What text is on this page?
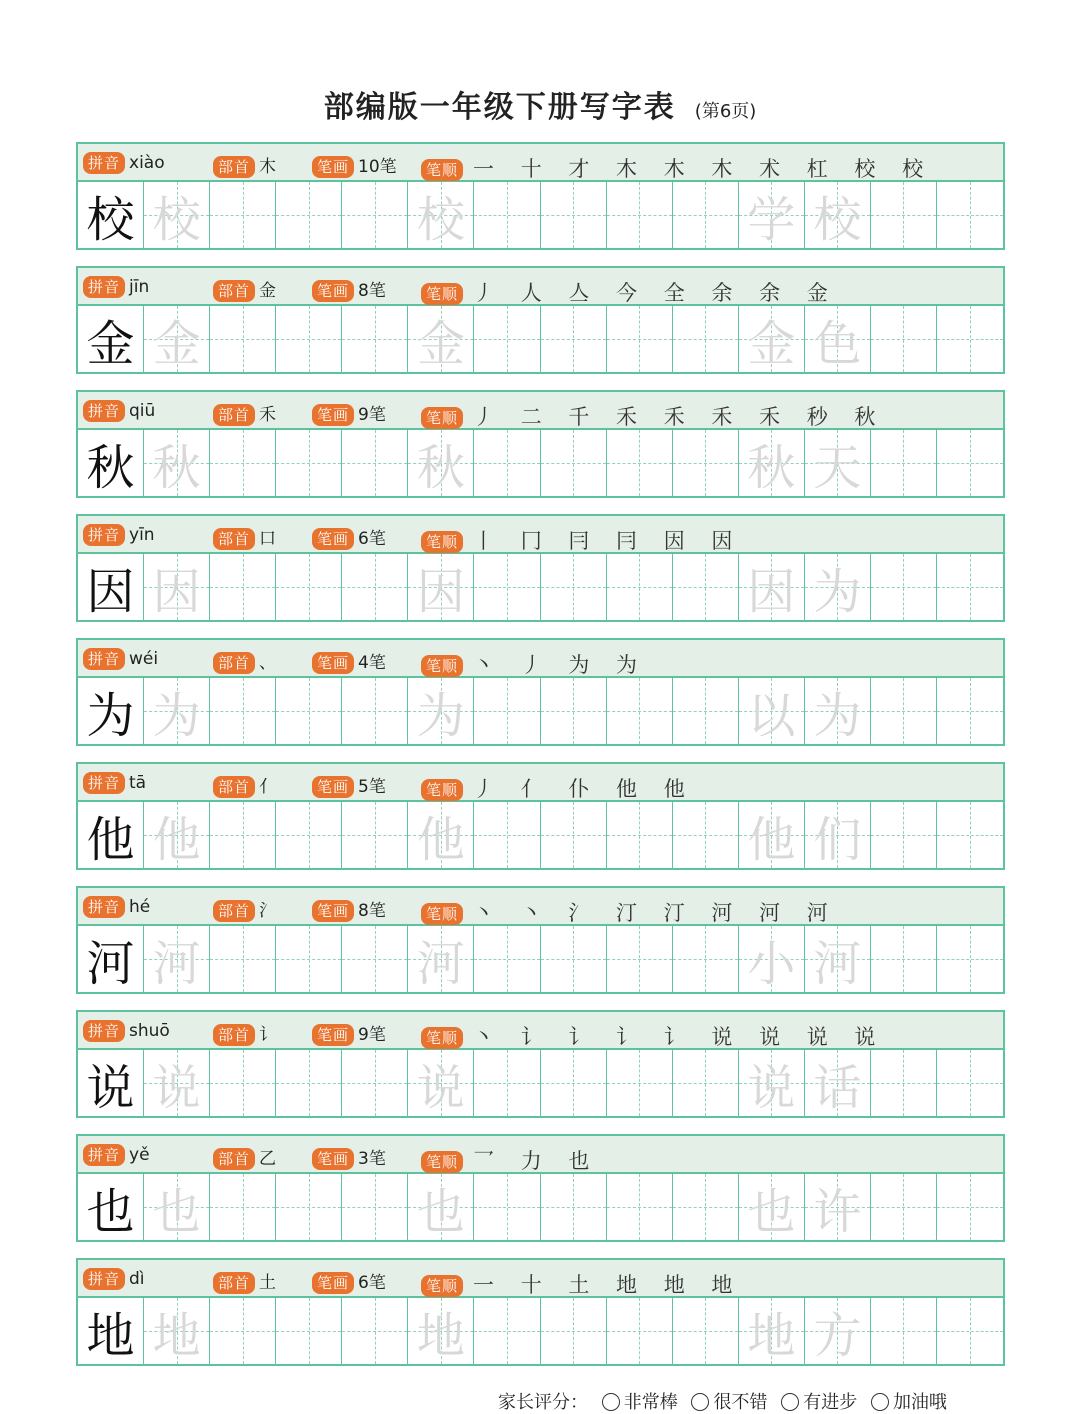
部编版一年级下册写字表 (第6页)
拼音 xiào	部首 木	笔画 10笔	笔顺 一 十 才 木 木 木 术 杠 校 校
校 校	校	学 校
拼音 jīn	部首 金	笔画 8笔	笔顺 丿 人 亼 今 全 余 余 金
金 金	金	金 色
拼音 qiū	部首 禾	笔画 9笔	笔顺 丿 二 千 禾 禾 禾 禾 秒 秋
秋 秋	秋	秋 天
拼音 yīn	部首 口	笔画 6笔	笔顺 丨 冂 冃 冃 因 因
因 因	因	因 为
拼音 wéi	部首 、	笔画 4笔	笔顺 丶 丿 为 为
为 为	为	以 为
拼音 tā	部首 亻	笔画 5笔	笔顺 丿 亻 仆 他 他
他 他	他	他 们
拼音 hé	部首 氵	笔画 8笔	笔顺 丶 丶 氵 汀 汀 河 河 河
河 河	河	小 河
拼音 shuō	部首 讠	笔画 9笔	笔顺 丶 讠 讠 讠 讠 说 说 说 说
说 说	说	说 话
拼音 yě	部首 乙	笔画 3笔	笔顺 乛 力 也
也 也	也	也 许
拼音 dì	部首 土	笔画 6笔	笔顺 一 十 土 地 地 地
地 地	地	地 方
家长评分： 非常棒 很不错 有进步 加油哦
